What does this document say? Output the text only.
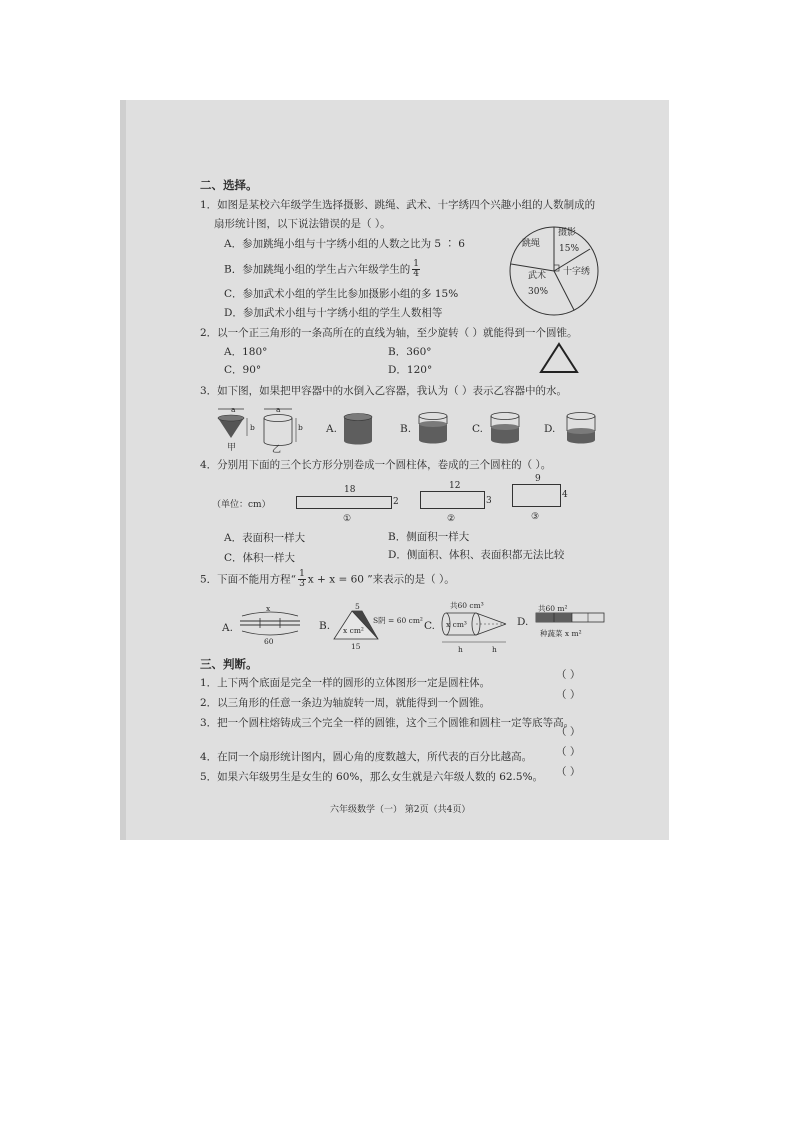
二、选择。
1．如图是某校六年级学生选择摄影、跳绳、武术、十字绣四个兴趣小组的人数制成的
扇形统计图，以下说法错误的是（ ）。
A．参加跳绳小组与十字绣小组的人数之比为 5 ∶ 6
B．参加跳绳小组的学生占六年级学生的 $\frac{1}{4}$
C．参加武术小组的学生比参加摄影小组的多 15%
D．参加武术小组与十字绣小组的学生人数相等
跳绳
摄影
15%
武术
30%
十字绣
2．以一个正三角形的一条高所在的直线为轴，至少旋转（ ）就能得到一个圆锥。
A．180°	B．360°
C．90°	D．120°
3．如下图，如果把甲容器中的水倒入乙容器，我认为（ ）表示乙容器中的水。
a	a
b	b
甲	乙
A.	B.	C.	D.
4．分别用下面的三个长方形分别卷成一个圆柱体，卷成的三个圆柱的（ ）。
（单位：cm）
18
2
①
12
3
②
9
4
③
A．表面积一样大	B．侧面积一样大
C．体积一样大	D．侧面积、体积、表面积都无法比较
5．下面不能用方程“ $\frac{1}{3}$ x + x = 60 ”来表示的是（ ）。
A.
x
60
B.
5
15
x cm²
S阴 = 60 cm² C.
共60 cm³
x cm³
h	h
D.
共60 m²
种蔬菜 x m²
三、判断。
1．上下两个底面是完全一样的圆形的立体图形一定是圆柱体。
（ ）
2．以三角形的任意一条边为轴旋转一周，就能得到一个圆锥。
（ ）
3．把一个圆柱熔铸成三个完全一样的圆锥，这个三个圆锥和圆柱一定等底等高。
（ ）
4．在同一个扇形统计图内，圆心角的度数越大，所代表的百分比越高。 （ ）
5．如果六年级男生是女生的 60%，那么女生就是六年级人数的 62.5%。 （ ）
六年级数学（一） 第2页（共4页）
